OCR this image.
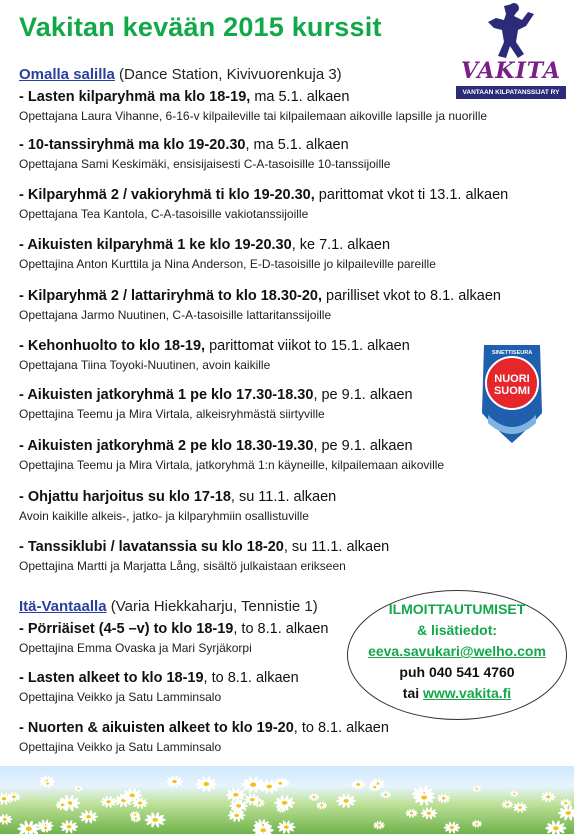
Vakitan kevään 2015 kurssit
VAKITA
VANTAAN KILPATANSSIJAT RY
Omalla salilla (Dance Station, Kivivuorenkuja 3)
- Lasten kilparyhmä ma klo 18-19, ma 5.1. alkaen
Opettajana Laura Vihanne, 6-16-v kilpaileville tai kilpailemaan aikoville lapsille ja nuorille
- 10-tanssiryhmä ma klo 19-20.30, ma 5.1. alkaen
Opettajana Sami Keskimäki, ensisijaisesti C-A-tasoisille 10-tanssijoille
- Kilparyhmä 2 / vakioryhmä ti klo 19-20.30, parittomat vkot ti 13.1. alkaen
Opettajana Tea Kantola, C-A-tasoisille vakiotanssijoille
- Aikuisten kilparyhmä 1 ke klo 19-20.30, ke 7.1. alkaen
Opettajina Anton Kurttila ja Nina Anderson, E-D-tasoisille jo kilpaileville pareille
- Kilparyhmä 2 / lattariryhmä to klo 18.30-20, parilliset vkot to 8.1. alkaen
Opettajana Jarmo Nuutinen, C-A-tasoisille lattaritanssijoille
- Kehonhuolto to klo 18-19, parittomat viikot to 15.1. alkaen
Opettajana Tiina Toyoki-Nuutinen, avoin kaikille
- Aikuisten jatkoryhmä 1 pe klo 17.30-18.30, pe 9.1. alkaen
Opettajina Teemu ja Mira Virtala, alkeisryhmästä siirtyville
- Aikuisten jatkoryhmä 2 pe klo 18.30-19.30, pe 9.1. alkaen
Opettajina Teemu ja Mira Virtala, jatkoryhmä 1:n käyneille, kilpailemaan aikoville
- Ohjattu harjoitus su klo 17-18, su 11.1. alkaen
Avoin kaikille alkeis-, jatko- ja kilparyhmiin osallistuville
- Tanssiklubi / lavatanssia su klo 18-20, su 11.1. alkaen
Opettajina Martti ja Marjatta Lång, sisältö julkaistaan erikseen
Itä-Vantaalla (Varia Hiekkaharju, Tennistie 1)
- Pörriäiset (4-5 –v) to klo 18-19, to 8.1. alkaen
Opettajina Emma Ovaska ja Mari Syrjäkorpi
- Lasten alkeet to klo 18-19, to 8.1. alkaen
Opettajina Veikko ja Satu Lamminsalo
- Nuorten & aikuisten alkeet to klo 19-20, to 8.1. alkaen
Opettajina Veikko ja Satu Lamminsalo
SINETTISEURA
NUORI
SUOMI
ILMOITTAUTUMISET
& lisätiedot:
eeva.savukari@welho.com
puh 040 541 4760
tai www.vakita.fi
